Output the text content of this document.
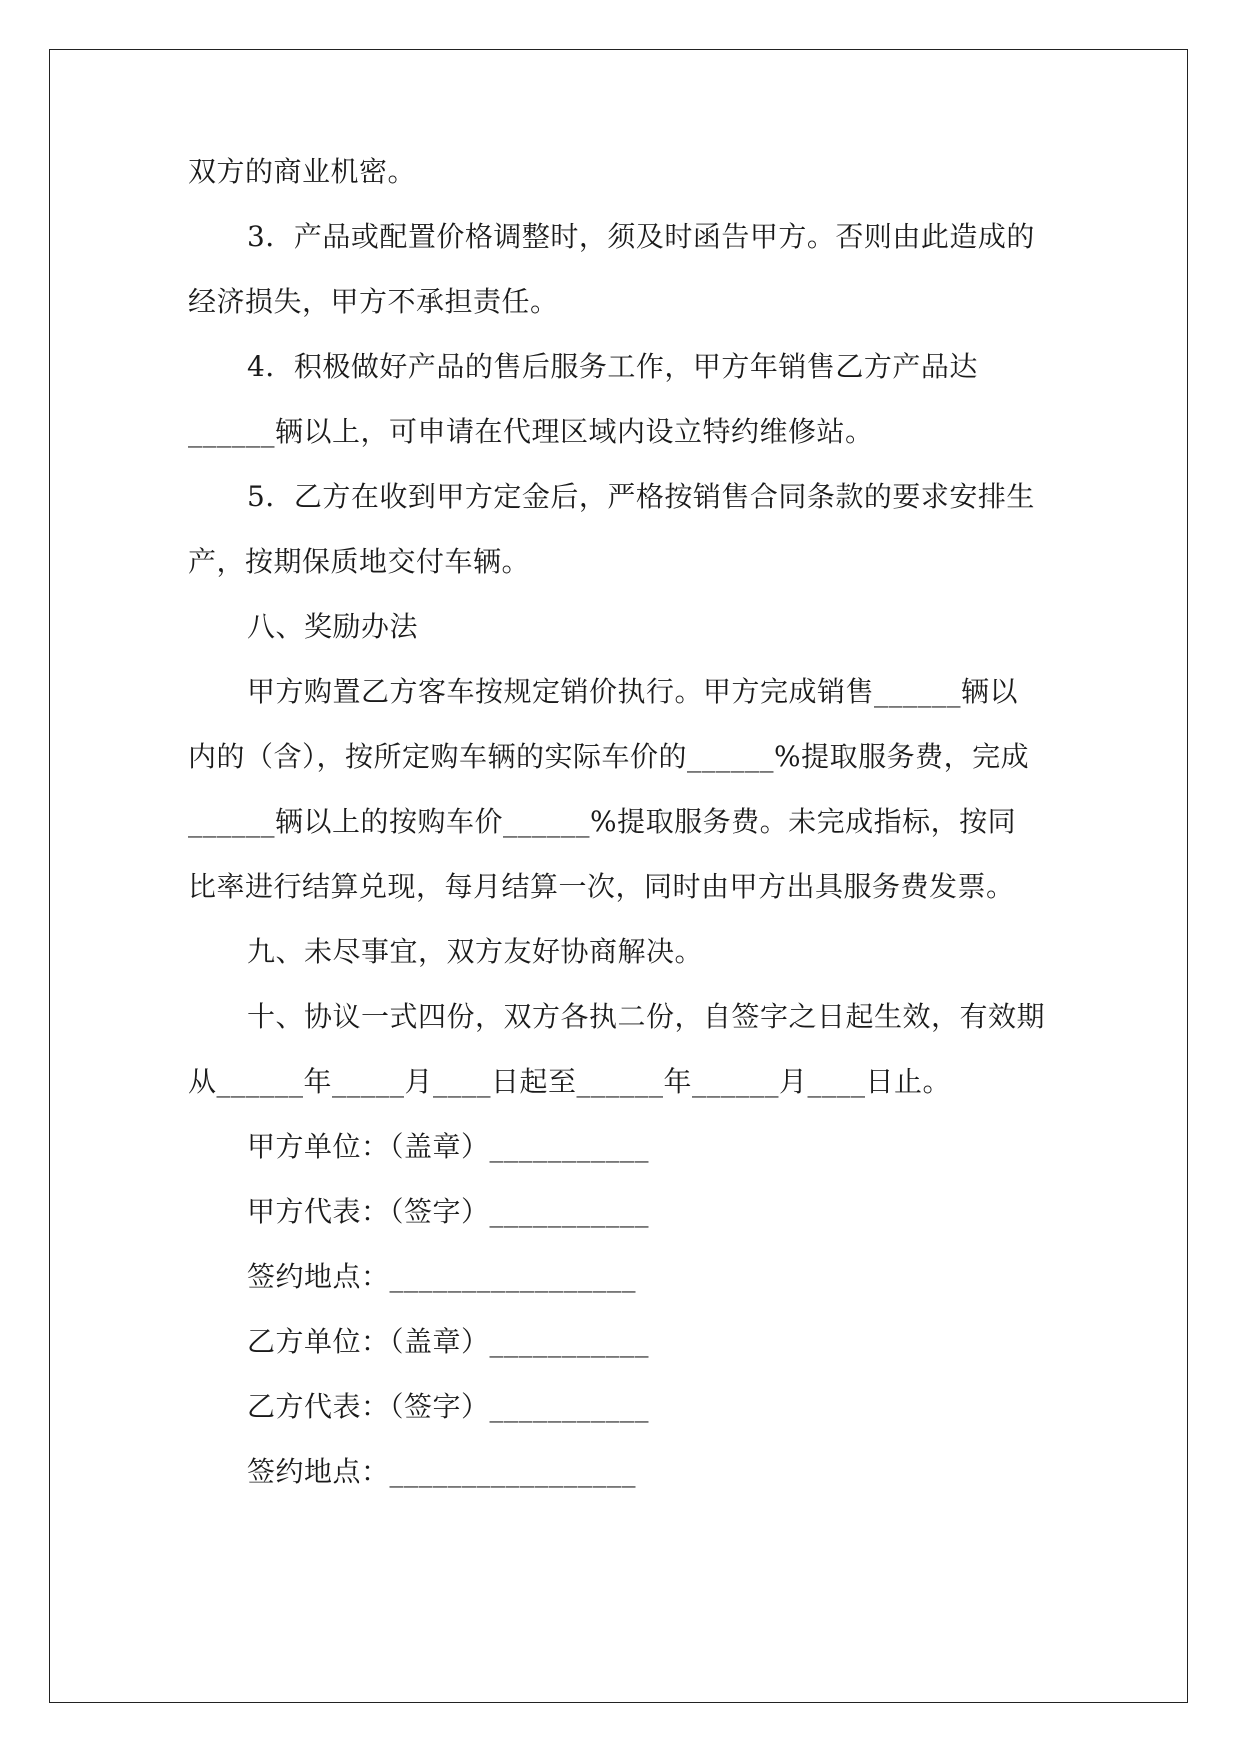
双方的商业机密。
3．产品或配置价格调整时，须及时函告甲方。否则由此造成的
经济损失，甲方不承担责任。
4．积极做好产品的售后服务工作，甲方年销售乙方产品达
______辆以上，可申请在代理区域内设立特约维修站。
5．乙方在收到甲方定金后，严格按销售合同条款的要求安排生
产，按期保质地交付车辆。
八、奖励办法
甲方购置乙方客车按规定销价执行。甲方完成销售______辆以
内的（含），按所定购车辆的实际车价的______%提取服务费，完成
______辆以上的按购车价______%提取服务费。未完成指标，按同
比率进行结算兑现，每月结算一次，同时由甲方出具服务费发票。
九、未尽事宜，双方友好协商解决。
十、协议一式四份，双方各执二份，自签字之日起生效，有效期
从______年_____月____日起至______年______月____日止。
甲方单位：（盖章）___________
甲方代表：（签字）___________
签约地点：_________________
乙方单位：（盖章）___________
乙方代表：（签字）___________
签约地点：_________________
